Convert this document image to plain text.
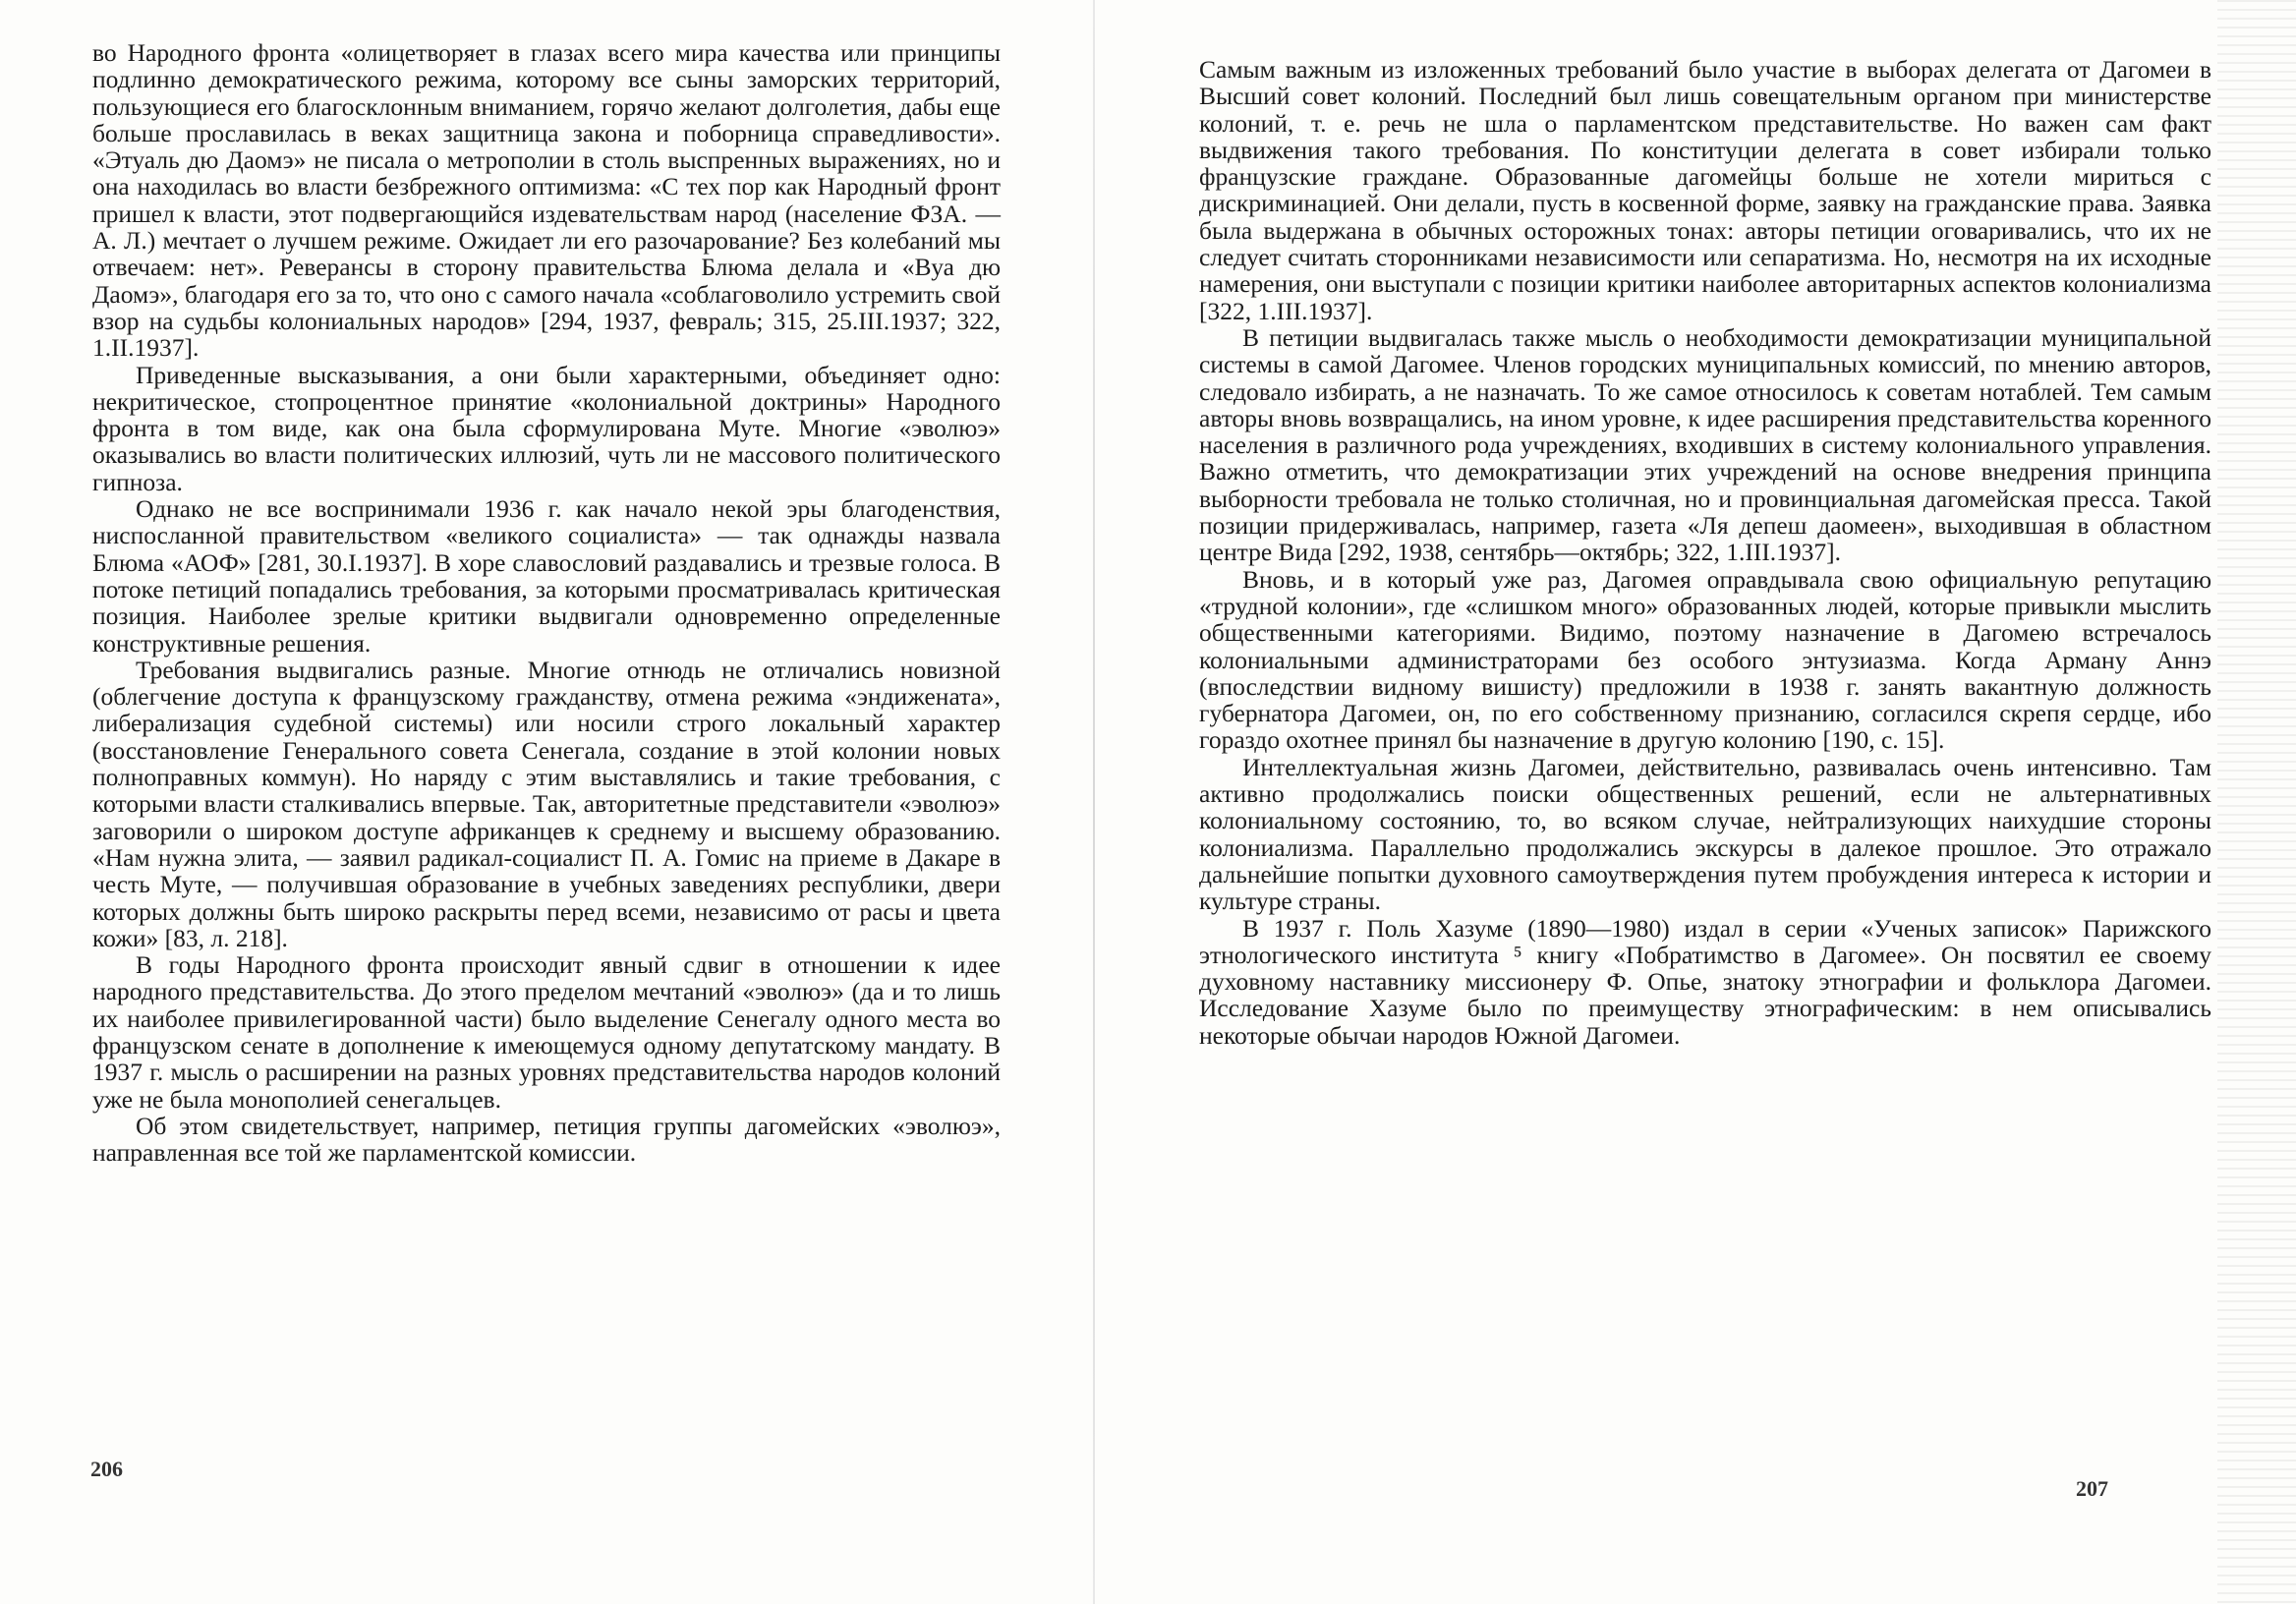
во Народного фронта «олицетворяет в глазах всего мира качества или принципы подлинно демократического режима, которому все сыны заморских территорий, пользующиеся его благосклонным вниманием, горячо желают долголетия, дабы еще больше прославилась в веках защитница закона и поборница справедливости». «Этуаль дю Даомэ» не писала о метрополии в столь выспренных выражениях, но и она находилась во власти безбрежного оптимизма: «С тех пор как Народный фронт пришел к власти, этот подвергающийся издевательствам народ (население ФЗА. — А. Л.) мечтает о лучшем режиме. Ожидает ли его разочарование? Без колебаний мы отвечаем: нет». Реверансы в сторону правительства Блюма делала и «Вуа дю Даомэ», благодаря его за то, что оно с самого начала «соблаговолило устремить свой взор на судьбы колониальных народов» [294, 1937, февраль; 315, 25.III.1937; 322, 1.II.1937].

Приведенные высказывания, а они были характерными, объединяет одно: некритическое, стопроцентное принятие «колониальной доктрины» Народного фронта в том виде, как она была сформулирована Муте. Многие «эволюэ» оказывались во власти политических иллюзий, чуть ли не массового политического гипноза.

Однако не все воспринимали 1936 г. как начало некой эры благоденствия, ниспосланной правительством «великого социалиста» — так однажды назвала Блюма «АОФ» [281, 30.I.1937]. В хоре славословий раздавались и трезвые голоса. В потоке петиций попадались требования, за которыми просматривалась критическая позиция. Наиболее зрелые критики выдвигали одновременно определенные конструктивные решения.

Требования выдвигались разные. Многие отнюдь не отличались новизной (облегчение доступа к французскому гражданству, отмена режима «эндижената», либерализация судебной системы) или носили строго локальный характер (восстановление Генерального совета Сенегала, создание в этой колонии новых полноправных коммун). Но наряду с этим выставлялись и такие требования, с которыми власти сталкивались впервые. Так, авторитетные представители «эволюэ» заговорили о широком доступе африканцев к среднему и высшему образованию. «Нам нужна элита, — заявил радикал-социалист П. А. Гомис на приеме в Дакаре в честь Муте, — получившая образование в учебных заведениях республики, двери которых должны быть широко раскрыты перед всеми, независимо от расы и цвета кожи» [83, л. 218].

В годы Народного фронта происходит явный сдвиг в отношении к идее народного представительства. До этого пределом мечтаний «эволюэ» (да и то лишь их наиболее привилегированной части) было выделение Сенегалу одного места во французском сенате в дополнение к имеющемуся одному депутатскому мандату. В 1937 г. мысль о расширении на разных уровнях представительства народов колоний уже не была монополией сенегальцев.

Об этом свидетельствует, например, петиция группы дагомейских «эволюэ», направленная все той же парламентской комиссии.

206

Самым важным из изложенных требований было участие в выборах делегата от Дагомеи в Высший совет колоний. Последний был лишь совещательным органом при министерстве колоний, т. е. речь не шла о парламентском представительстве. Но важен сам факт выдвижения такого требования. По конституции делегата в совет избирали только французские граждане. Образованные дагомейцы больше не хотели мириться с дискриминацией. Они делали, пусть в косвенной форме, заявку на гражданские права. Заявка была выдержана в обычных осторожных тонах: авторы петиции оговаривались, что их не следует считать сторонниками независимости или сепаратизма. Но, несмотря на их исходные намерения, они выступали с позиции критики наиболее авторитарных аспектов колониализма [322, 1.III.1937].

В петиции выдвигалась также мысль о необходимости демократизации муниципальной системы в самой Дагомее. Членов городских муниципальных комиссий, по мнению авторов, следовало избирать, а не назначать. То же самое относилось к советам нотаблей. Тем самым авторы вновь возвращались, на ином уровне, к идее расширения представительства коренного населения в различного рода учреждениях, входивших в систему колониального управления. Важно отметить, что демократизации этих учреждений на основе внедрения принципа выборности требовала не только столичная, но и провинциальная дагомейская пресса. Такой позиции придерживалась, например, газета «Ля депеш даомеен», выходившая в областном центре Вида [292, 1938, сентябрь—октябрь; 322, 1.III.1937].

Вновь, и в который уже раз, Дагомея оправдывала свою официальную репутацию «трудной колонии», где «слишком много» образованных людей, которые привыкли мыслить общественными категориями. Видимо, поэтому назначение в Дагомею встречалось колониальными администраторами без особого энтузиазма. Когда Арману Аннэ (впоследствии видному вишисту) предложили в 1938 г. занять вакантную должность губернатора Дагомеи, он, по его собственному признанию, согласился скрепя сердце, ибо гораздо охотнее принял бы назначение в другую колонию [190, с. 15].

Интеллектуальная жизнь Дагомеи, действительно, развивалась очень интенсивно. Там активно продолжались поиски общественных решений, если не альтернативных колониальному состоянию, то, во всяком случае, нейтрализующих наихудшие стороны колониализма. Параллельно продолжались экскурсы в далекое прошлое. Это отражало дальнейшие попытки духовного самоутверждения путем пробуждения интереса к истории и культуре страны.

В 1937 г. Поль Хазуме (1890—1980) издал в серии «Ученых записок» Парижского этнологического института ⁵ книгу «Побратимство в Дагомее». Он посвятил ее своему духовному наставнику миссионеру Ф. Опье, знатоку этнографии и фольклора Дагомеи. Исследование Хазуме было по преимуществу этнографическим: в нем описывались некоторые обычаи народов Южной Дагомеи.

207
